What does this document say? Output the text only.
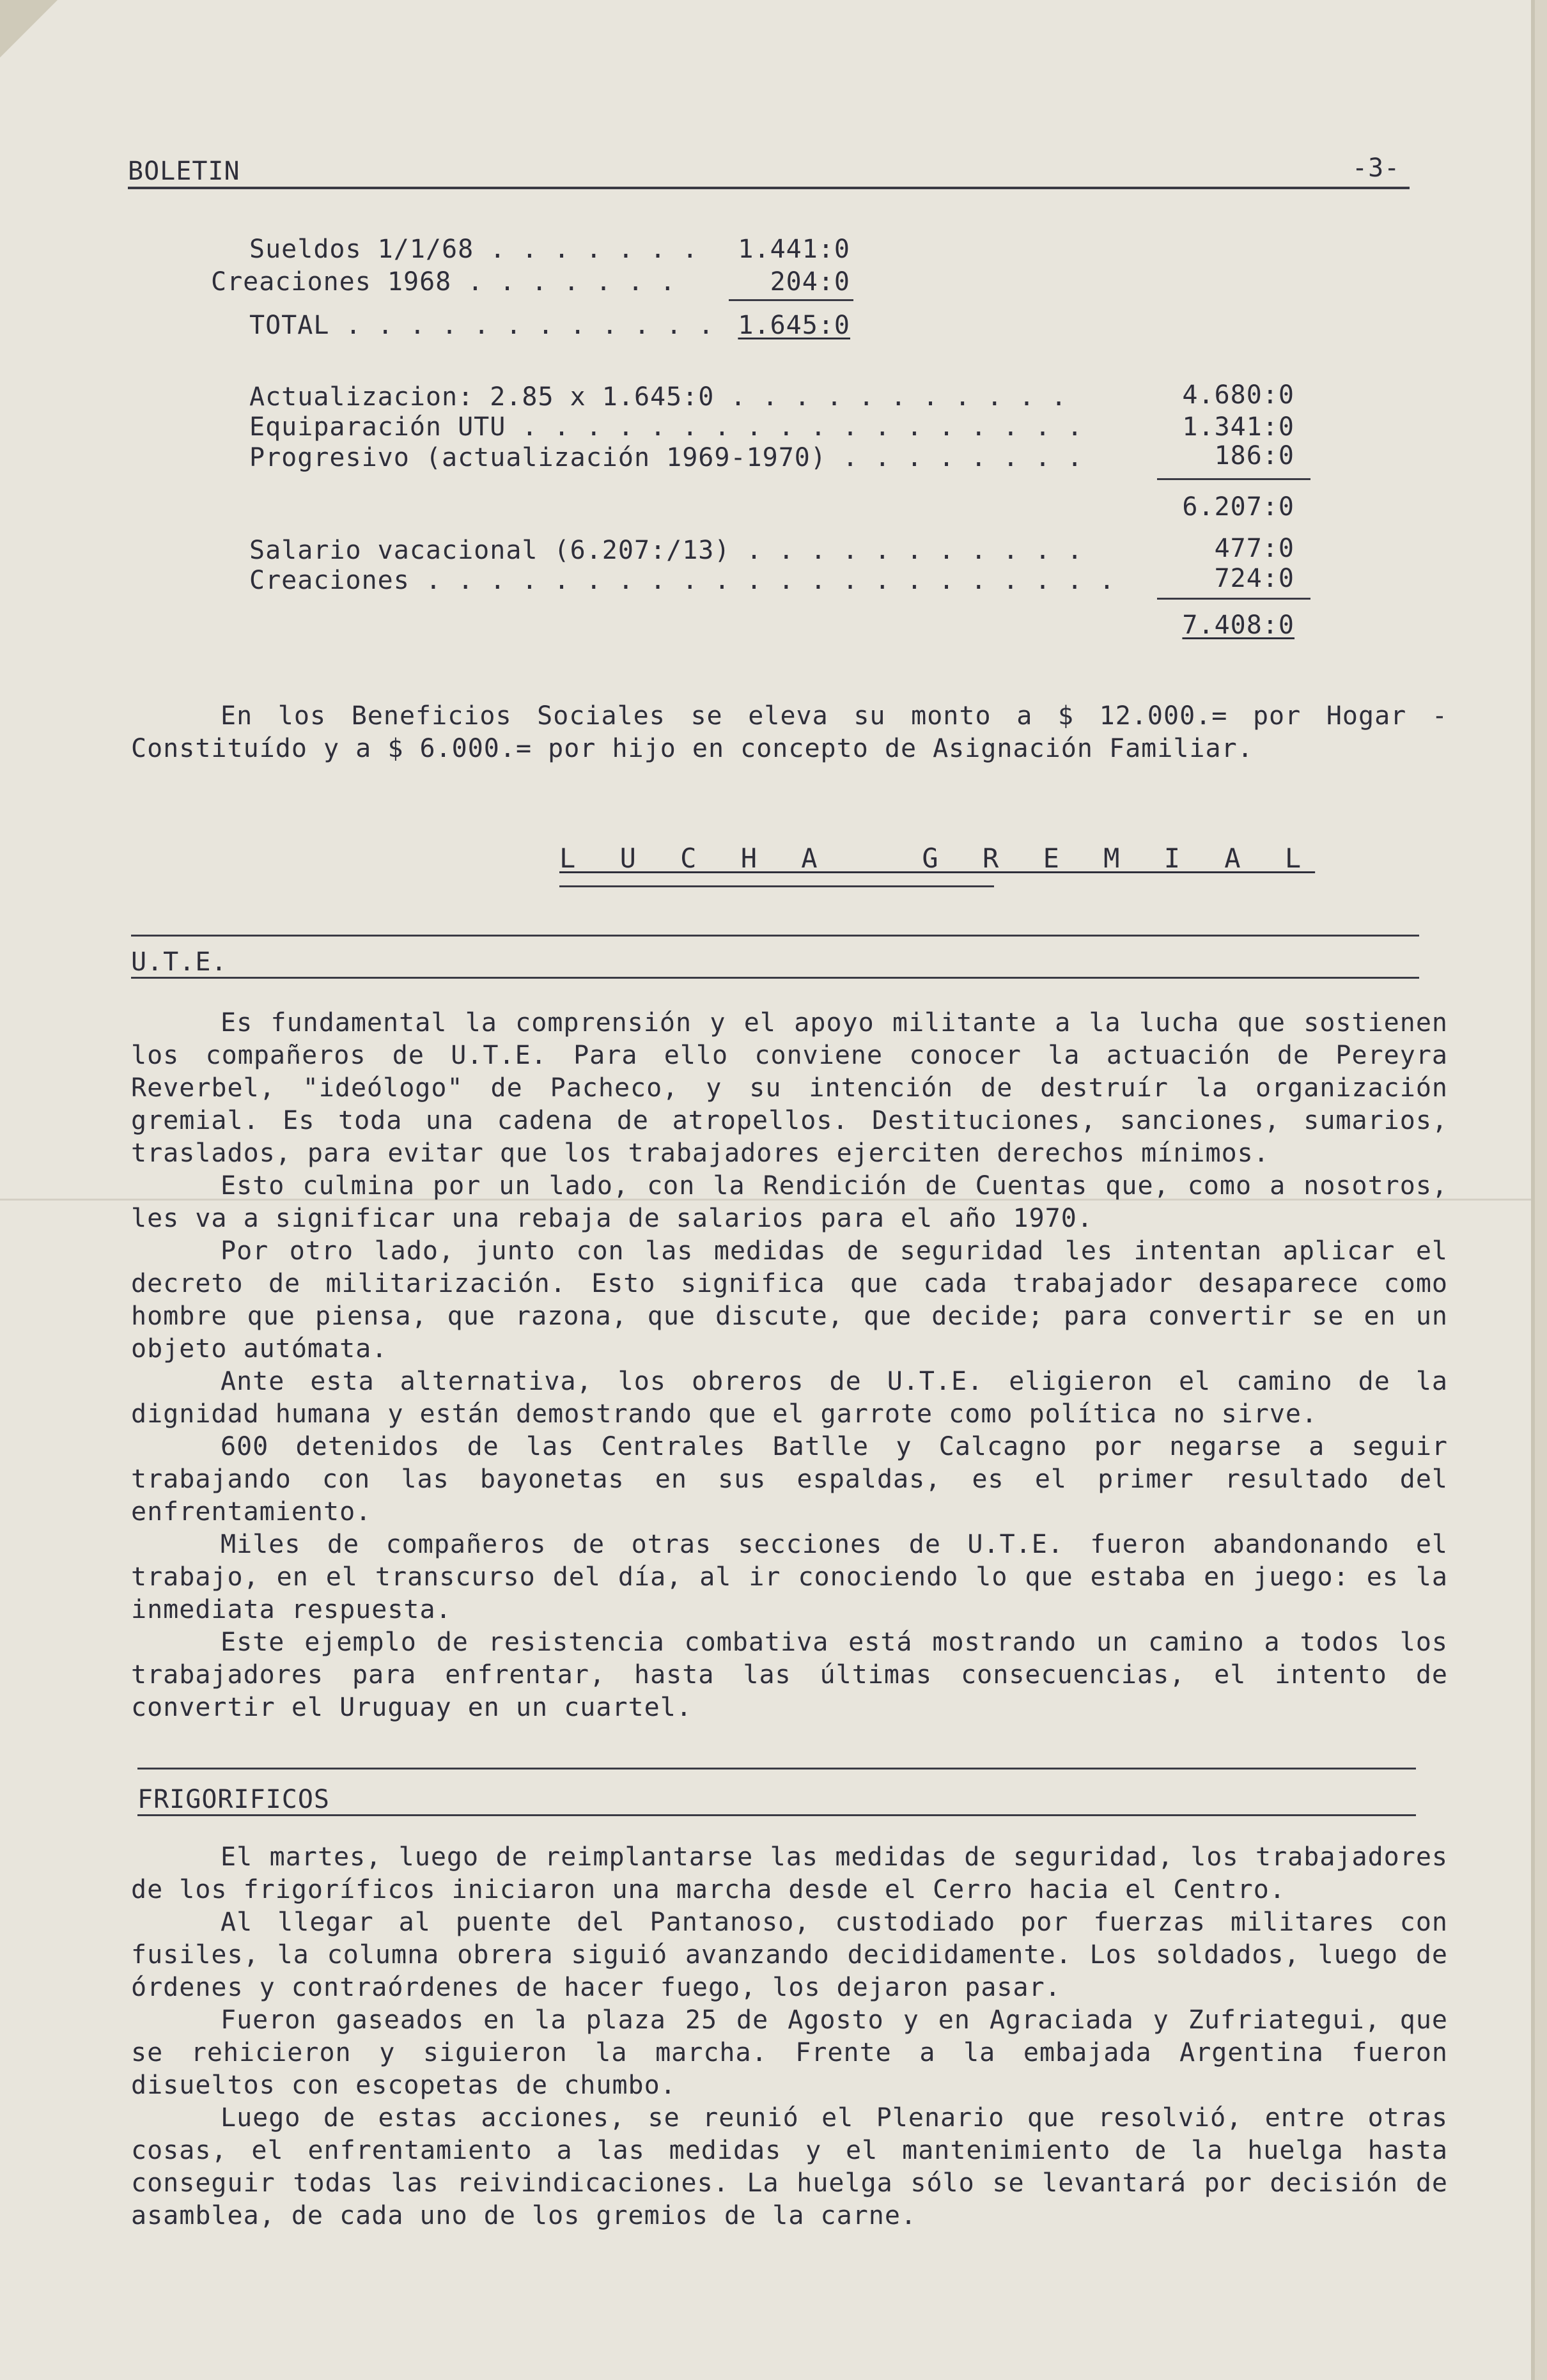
BOLETIN	-3-
Sueldos 1/1/68 . . . . . . .	1.441:0
Creaciones 1968 . . . . . . .	204:0
TOTAL . . . . . . . . . . . . 1.645:0
Actualizacion: 2.85 x 1.645:0 . . . . . . . . . . .	4.680:0
Equiparación UTU . . . . . . . . . . . . . . . . . .	1.341:0
Progresivo (actualización 1969-1970) . . . . . . . .	186:0
6.207:0
Salario vacacional (6.207:/13) . . . . . . . . . . .	477:0
Creaciones . . . . . . . . . . . . . . . . . . . . . .	724:0
7.408:0

En los Beneficios Sociales se eleva su monto a $ 12.000.= por Hogar - Constituído y a $ 6.000.= por hijo en concepto de Asignación Familiar.

L U C H A   G R E M I A L
U.T.E.

Es fundamental la comprensión y el apoyo militante a la lucha que sostienen los compañeros de U.T.E. Para ello conviene conocer la actuación de Pereyra Reverbel, "ideólogo" de Pacheco, y su intención de destruír la organización gremial. Es toda una cadena de atropellos. Destituciones, sanciones, sumarios, traslados, para evitar que los trabajadores ejerciten derechos mínimos.

Esto culmina por un lado, con la Rendición de Cuentas que, como a nosotros, les va a significar una rebaja de salarios para el año 1970.

Por otro lado, junto con las medidas de seguridad les intentan aplicar el decreto de militarización. Esto significa que cada trabajador desaparece como hombre que piensa, que razona, que discute, que decide; para convertir se en un objeto autómata.

Ante esta alternativa, los obreros de U.T.E. eligieron el camino de la dignidad humana y están demostrando que el garrote como política no sirve.

600 detenidos de las Centrales Batlle y Calcagno por negarse a seguir trabajando con las bayonetas en sus espaldas, es el primer resultado del enfrentamiento.

Miles de compañeros de otras secciones de U.T.E. fueron abandonando el trabajo, en el transcurso del día, al ir conociendo lo que estaba en juego: es la inmediata respuesta.

Este ejemplo de resistencia combativa está mostrando un camino a todos los trabajadores para enfrentar, hasta las últimas consecuencias, el intento de convertir el Uruguay en un cuartel.

FRIGORIFICOS

El martes, luego de reimplantarse las medidas de seguridad, los trabajadores de los frigoríficos iniciaron una marcha desde el Cerro hacia el Centro.

Al llegar al puente del Pantanoso, custodiado por fuerzas militares con fusiles, la columna obrera siguió avanzando decididamente. Los soldados, luego de órdenes y contraórdenes de hacer fuego, los dejaron pasar.

Fueron gaseados en la plaza 25 de Agosto y en Agraciada y Zufriategui, que se rehicieron y siguieron la marcha. Frente a la embajada Argentina fueron disueltos con escopetas de chumbo.

Luego de estas acciones, se reunió el Plenario que resolvió, entre otras cosas, el enfrentamiento a las medidas y el mantenimiento de la huelga hasta conseguir todas las reivindicaciones. La huelga sólo se levantará por decisión de asamblea, de cada uno de los gremios de la carne.
